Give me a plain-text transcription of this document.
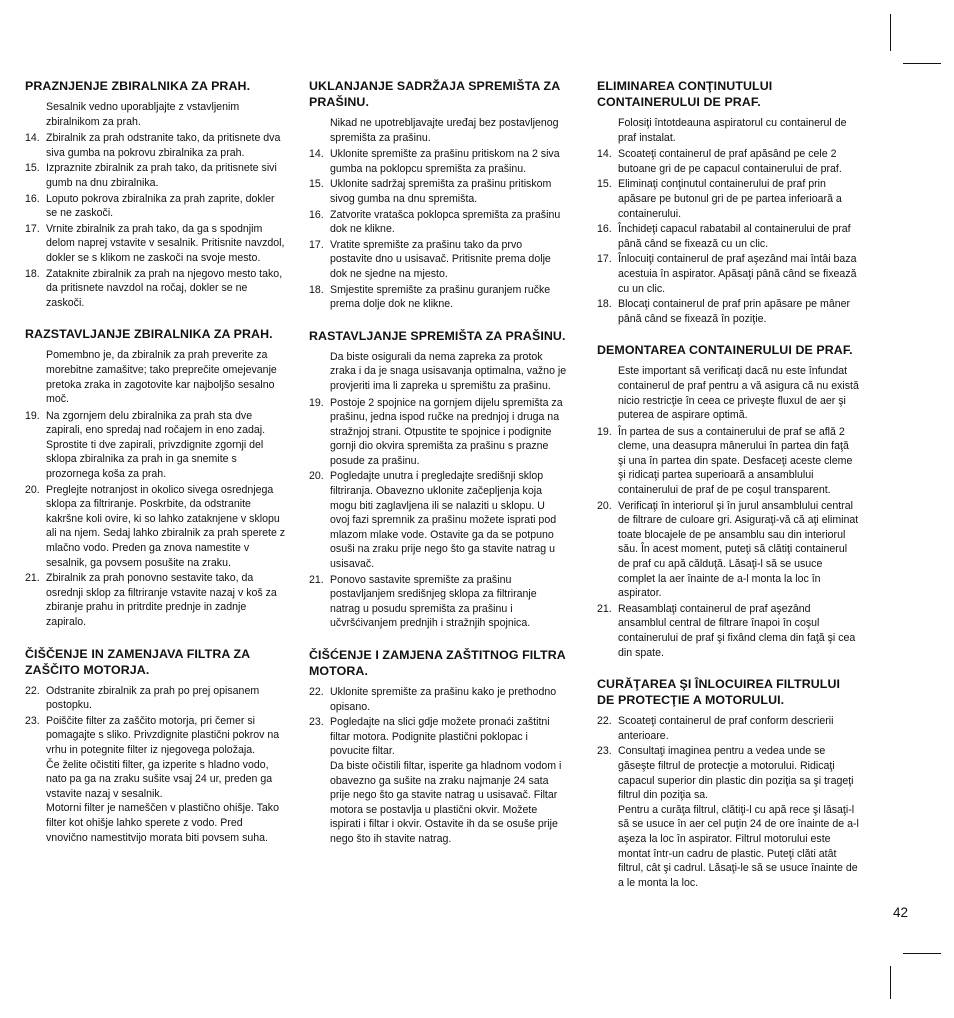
42
PRAZNJENJE ZBIRALNIKA ZA PRAH.

Sesalnik vedno uporabljajte z vstavljenim zbiralnikom za prah.

14. Zbiralnik za prah odstranite tako, da pritisnete dva siva gumba na pokrovu zbiralnika za prah.
15. Izpraznite zbiralnik za prah tako, da pritisnete sivi gumb na dnu zbiralnika.
16. Loputo pokrova zbiralnika za prah zaprite, dokler se ne zaskoči.
17. Vrnite zbiralnik za prah tako, da ga s spodnjim delom naprej vstavite v sesalnik. Pritisnite navzdol, dokler se s klikom ne zaskoči na svoje mesto.
18. Zataknite zbiralnik za prah na njegovo mesto tako, da pritisnete navzdol na ročaj, dokler se ne zaskoči.
RAZSTAVLJANJE ZBIRALNIKA ZA PRAH.

Pomembno je, da zbiralnik za prah preverite za morebitne zamašitve; tako preprečite omejevanje pretoka zraka in zagotovite kar najboljšo sesalno moč.

19. Na zgornjem delu zbiralnika za prah sta dve zapirali, eno spredaj nad ročajem in eno zadaj. Sprostite ti dve zapirali, privzdignite zgornji del sklopa zbiralnika za prah in ga snemite s prozornega koša za prah.
20. Preglejte notranjost in okolico sivega osrednjega sklopa za filtriranje. Poskrbite, da odstranite kakršne koli ovire, ki so lahko zataknjene v sklopu ali na njem. Sedaj lahko zbiralnik za prah sperete z mlačno vodo. Preden ga znova namestite v sesalnik, ga povsem posušite na zraku.
21. Zbiralnik za prah ponovno sestavite tako, da osrednji sklop za filtriranje vstavite nazaj v koš za zbiranje prahu in pritrdite prednje in zadnje zapiralo.
ČIŠČENJE IN ZAMENJAVA FILTRA ZA ZAŠČITO MOTORJA.
22. Odstranite zbiralnik za prah po prej opisanem postopku.
23. Poiščite filter za zaščito motorja, pri čemer si pomagajte s sliko. Privzdignite plastični pokrov na vrhu in potegnite filter iz njegovega položaja.
Če želite očistiti filter, ga izperite s hladno vodo, nato pa ga na zraku sušite vsaj 24 ur, preden ga vstavite nazaj v sesalnik.
Motorni filter je nameščen v plastično ohišje. Tako filter kot ohišje lahko sperete z vodo. Pred vnovično namestitvijo morata biti povsem suha.
UKLANJANJE SADRŽAJA SPREMIŠTA ZA PRAŠINU.

Nikad ne upotrebljavajte uređaj bez postavljenog spremišta za prašinu.

14. Uklonite spremište za prašinu pritiskom na 2 siva gumba na poklopcu spremišta za prašinu.
15. Uklonite sadržaj spremišta za prašinu pritiskom sivog gumba na dnu spremišta.
16. Zatvorite vratašca poklopca spremišta za prašinu dok ne klikne.
17. Vratite spremište za prašinu tako da prvo postavite dno u usisavač. Pritisnite prema dolje dok ne sjedne na mjesto.
18. Smjestite spremište za prašinu guranjem ručke prema dolje dok ne klikne.
RASTAVLJANJE SPREMIŠTA ZA PRAŠINU.

Da biste osigurali da nema zapreka za protok zraka i da je snaga usisavanja optimalna, važno je provjeriti ima li zapreka u spremištu za prašinu.

19. Postoje 2 spojnice na gornjem dijelu spremišta za prašinu, jedna ispod ručke na prednjoj i druga na stražnjoj strani. Otpustite te spojnice i podignite gornji dio okvira spremišta za prašinu s prazne posude za prašinu.
20. Pogledajte unutra i pregledajte središnji sklop filtriranja. Obavezno uklonite začepljenja koja mogu biti zaglavljena ili se nalaziti u sklopu. U ovoj fazi spremnik za prašinu možete isprati pod mlazom mlake vode. Ostavite ga da se potpuno osuši na zraku prije nego što ga stavite natrag u usisavač.
21. Ponovo sastavite spremište za prašinu postavljanjem središnjeg sklopa za filtriranje natrag u posudu spremišta za prašinu i učvršćivanjem prednjih i stražnjih spojnica.
ČIŠĆENJE I ZAMJENA ZAŠTITNOG FILTRA MOTORA.
22. Uklonite spremište za prašinu kako je prethodno opisano.
23. Pogledajte na slici gdje možete pronaći zaštitni filtar motora. Podignite plastični poklopac i povucite filtar.
Da biste očistili filtar, isperite ga hladnom vodom i obavezno ga sušite na zraku najmanje 24 sata prije nego što ga stavite natrag u usisavač. Filtar motora se postavlja u plastični okvir. Možete ispirati i filtar i okvir. Ostavite ih da se osuše prije nego što ih stavite natrag.
ELIMINAREA CONŢINUTULUI CONTAINERULUI DE PRAF.

Folosiţi întotdeauna aspiratorul cu containerul de praf instalat.

14. Scoateţi containerul de praf apăsând pe cele 2 butoane gri de pe capacul containerului de praf.
15. Eliminaţi conţinutul containerului de praf prin apăsare pe butonul gri de pe partea inferioară a containerului.
16. Închideţi capacul rabatabil al containerului de praf până când se fixează cu un clic.
17. Înlocuiţi containerul de praf aşezând mai întâi baza acestuia în aspirator. Apăsaţi până când se fixează cu un clic.
18. Blocaţi containerul de praf prin apăsare pe mâner până când se fixează în poziţie.
DEMONTAREA CONTAINERULUI DE PRAF.

Este important să verificaţi dacă nu este înfundat containerul de praf pentru a vă asigura că nu există nicio restricţie în ceea ce priveşte fluxul de aer şi puterea de aspirare optimă.

19. În partea de sus a containerului de praf se află 2 cleme, una deasupra mânerului în partea din faţă şi una în partea din spate. Desfaceţi aceste cleme şi ridicaţi partea superioară a ansamblului containerului de praf de pe coşul transparent.
20. Verificaţi în interiorul şi în jurul ansamblului central de filtrare de culoare gri. Asiguraţi-vă că aţi eliminat toate blocajele de pe ansamblu sau din interiorul său. În acest moment, puteţi să clătiţi containerul de praf cu apă călduţă. Lăsaţi-l să se usuce complet la aer înainte de a-l monta la loc în aspirator.
21. Reasamblaţi containerul de praf aşezând ansamblul central de filtrare înapoi în coşul containerului de praf şi fixând clema din faţă şi cea din spate.
CURĂŢAREA ŞI ÎNLOCUIREA FILTRULUI DE PROTECŢIE A MOTORULUI.
22. Scoateţi containerul de praf conform descrierii anterioare.
23. Consultaţi imaginea pentru a vedea unde se găseşte filtrul de protecţie a motorului. Ridicaţi capacul superior din plastic din poziţia sa şi trageţi filtrul din poziţia sa.
Pentru a curăţa filtrul, clătiţi-l cu apă rece şi lăsaţi-l să se usuce în aer cel puţin 24 de ore înainte de a-l aşeza la loc în aspirator. Filtrul motorului este montat într-un cadru de plastic. Puteţi clăti atât filtrul, cât şi cadrul. Lăsaţi-le să se usuce înainte de a le monta la loc.
